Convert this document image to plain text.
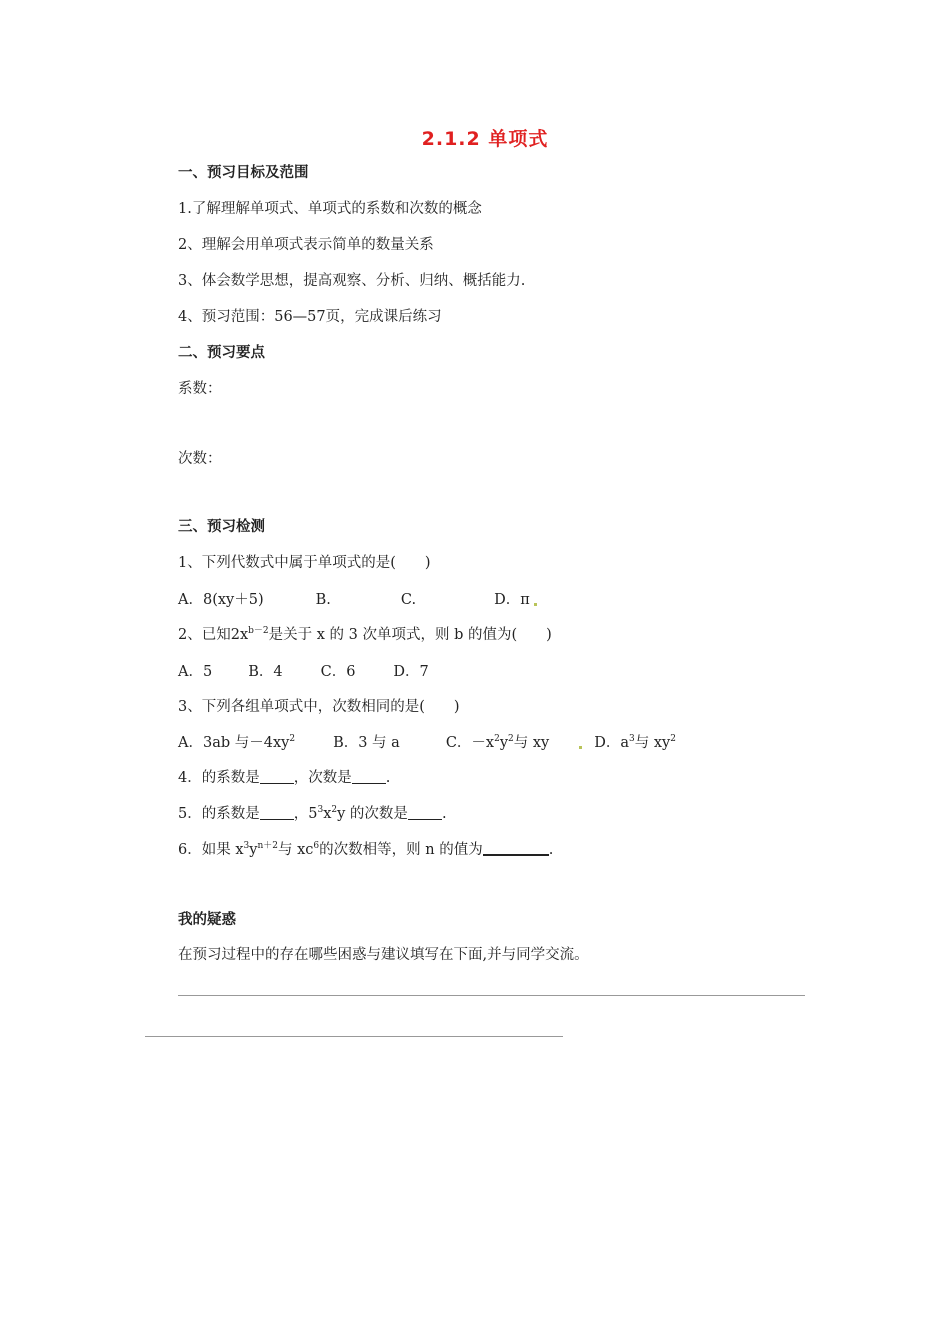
2.1.2 单项式
一、预习目标及范围
1.了解理解单项式、单项式的系数和次数的概念
2、理解会用单项式表示简单的数量关系
3、体会数学思想，提高观察、分析、归纳、概括能力.
4、预习范围：56—57页，完成课后练习
二、预习要点
系数：
次数：
三、预习检测
1、下列代数式中属于单项式的是(　　)
A．8(xy＋5)	B.	C.	D．π
2、已知$2x^{b-2}$是关于 x 的 3 次单项式，则 b 的值为(　　)
A．5 B．4	C．6	D．7
3、下列各组单项式中，次数相同的是(　　)
A．3ab 与$-4xy^2$	B．3 与 a	C．$-x^2y^2$与 xy	D．$a^3$与 $xy^2$
4．的系数是 ，次数是 .
5．的系数是 ，$5^3x^2y$ 的次数是 .
6．如果 $x^3y^{n+2}$与 $xc^6$的次数相等，则 n 的值为	.
我的疑惑
在预习过程中的存在哪些困惑与建议填写在下面,并与同学交流。
